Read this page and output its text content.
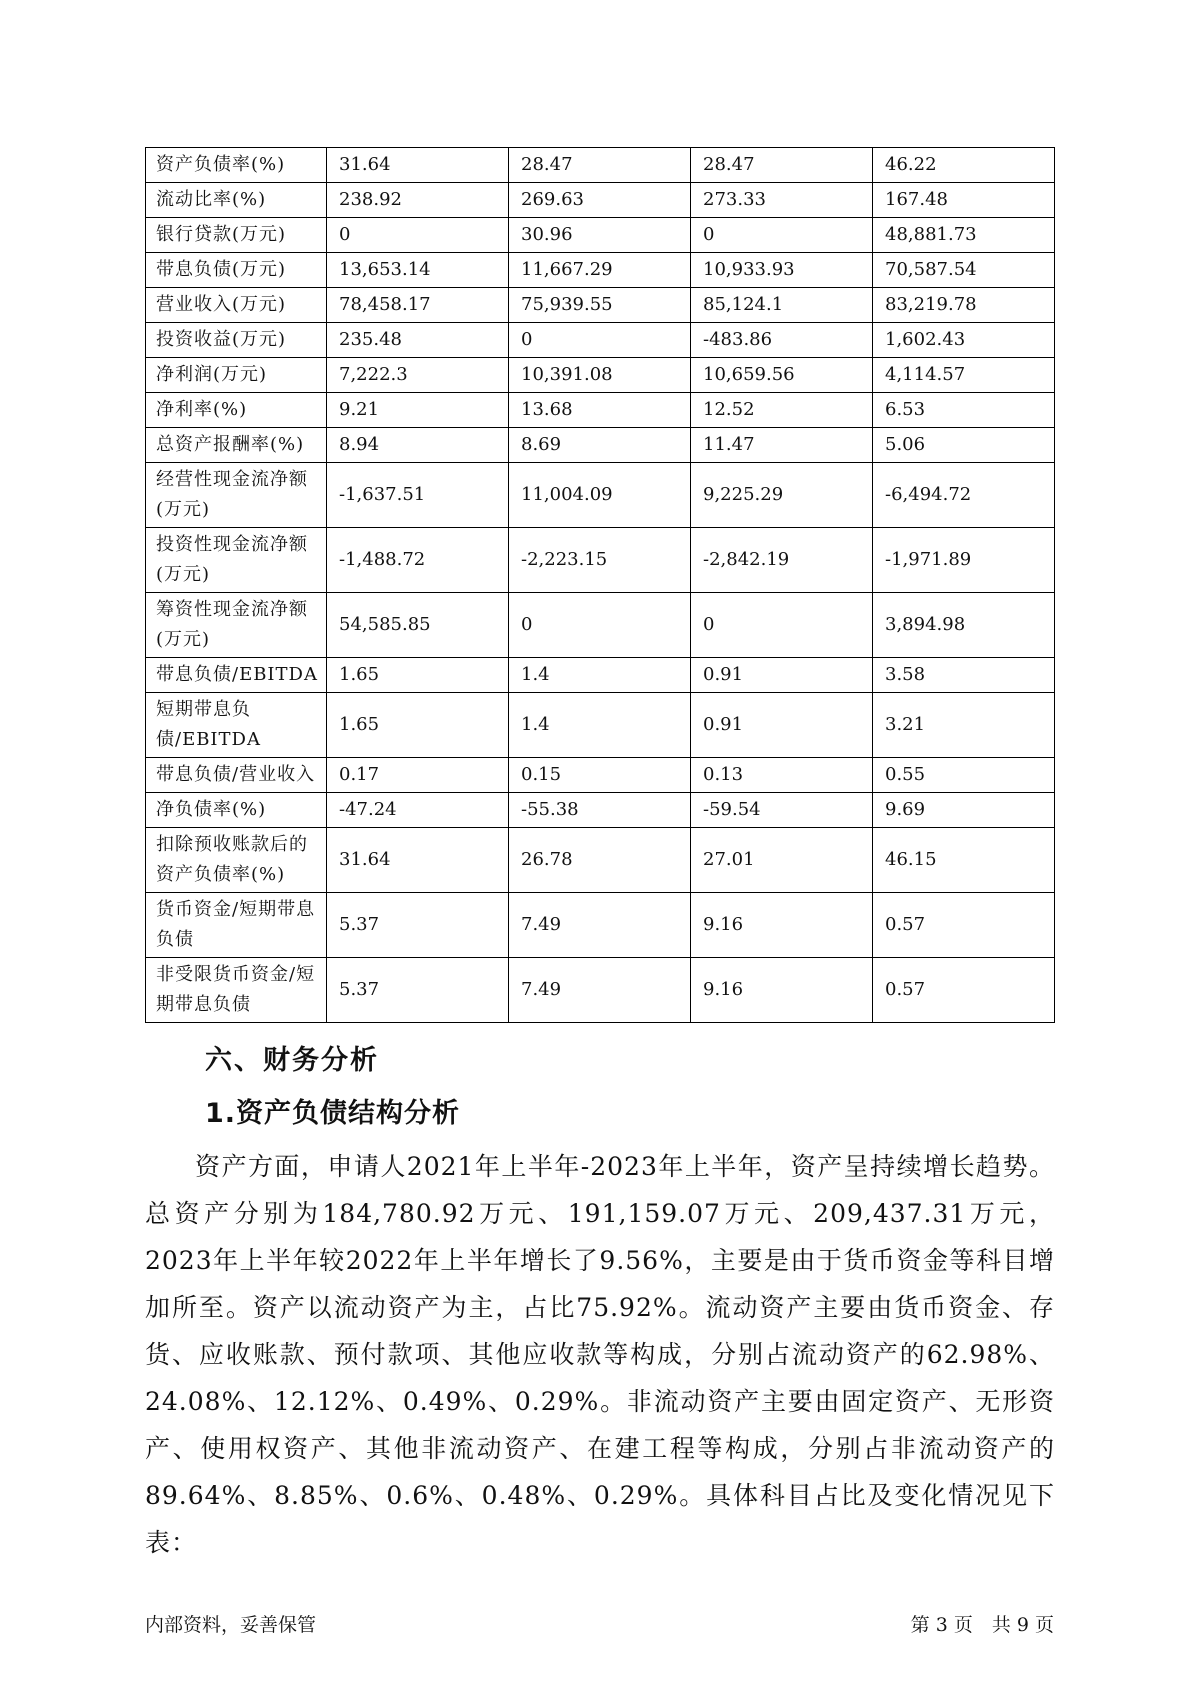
资产负债率(%)	31.64	28.47	28.47	46.22
流动比率(%)	238.92	269.63	273.33	167.48
银行贷款(万元)	0	30.96	0	48,881.73
带息负债(万元)	13,653.14	11,667.29	10,933.93	70,587.54
营业收入(万元)	78,458.17	75,939.55	85,124.1	83,219.78
投资收益(万元)	235.48	0	-483.86	1,602.43
净利润(万元)	7,222.3	10,391.08	10,659.56	4,114.57
净利率(%)	9.21	13.68	12.52	6.53
总资产报酬率(%)	8.94	8.69	11.47	5.06
经营性现金流净额(万元)	-1,637.51	11,004.09	9,225.29	-6,494.72
投资性现金流净额(万元)	-1,488.72	-2,223.15	-2,842.19	-1,971.89
筹资性现金流净额(万元)	54,585.85	0	0	3,894.98
带息负债/EBITDA	1.65	1.4	0.91	3.58
短期带息负债/EBITDA	1.65	1.4	0.91	3.21
带息负债/营业收入	0.17	0.15	0.13	0.55
净负债率(%)	-47.24	-55.38	-59.54	9.69
扣除预收账款后的资产负债率(%)	31.64	26.78	27.01	46.15
货币资金/短期带息负债	5.37	7.49	9.16	0.57
非受限货币资金/短期带息负债	5.37	7.49	9.16	0.57
六、财务分析
1.资产负债结构分析

资产方面，申请人2021年上半年-2023年上半年，资产呈持续增长趋势。总资产分别为184,780.92万元、191,159.07万元、209,437.31万元，2023年上半年较2022年上半年增长了9.56%，主要是由于货币资金等科目增加所至。资产以流动资产为主，占比75.92%。流动资产主要由货币资金、存货、应收账款、预付款项、其他应收款等构成，分别占流动资产的62.98%、24.08%、12.12%、0.49%、0.29%。非流动资产主要由固定资产、无形资产、使用权资产、其他非流动资产、在建工程等构成，分别占非流动资产的89.64%、8.85%、0.6%、0.48%、0.29%。具体科目占比及变化情况见下表：

内部资料，妥善保管	第 3 页　共 9 页
